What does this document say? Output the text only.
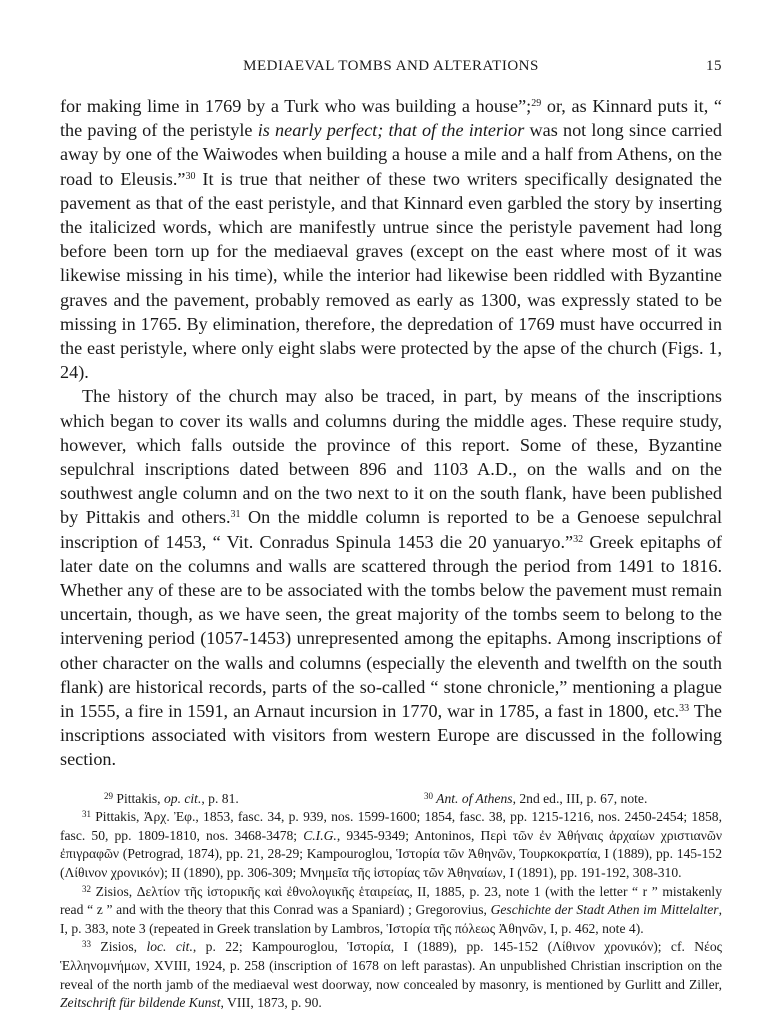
MEDIAEVAL TOMBS AND ALTERATIONS	15

for making lime in 1769 by a Turk who was building a house”;$^{29}$ or, as Kinnard puts it, “ the paving of the peristyle is nearly perfect; that of the interior was not long since carried away by one of the Waiwodes when building a house a mile and a half from Athens, on the road to Eleusis.”$^{30}$ It is true that neither of these two writers specifically designated the pavement as that of the east peristyle, and that Kinnard even garbled the story by inserting the italicized words, which are manifestly untrue since the peristyle pavement had long before been torn up for the mediaeval graves (except on the east where most of it was likewise missing in his time), while the interior had likewise been riddled with Byzantine graves and the pavement, probably removed as early as 1300, was expressly stated to be missing in 1765. By elimination, therefore, the depredation of 1769 must have occurred in the east peristyle, where only eight slabs were protected by the apse of the church (Figs. 1, 24).

The history of the church may also be traced, in part, by means of the inscriptions which began to cover its walls and columns during the middle ages. These require study, however, which falls outside the province of this report. Some of these, Byzantine sepulchral inscriptions dated between 896 and 1103 A.D., on the walls and on the southwest angle column and on the two next to it on the south flank, have been published by Pittakis and others.$^{31}$ On the middle column is reported to be a Genoese sepulchral inscription of 1453, “ Vit. Conradus Spinula 1453 die 20 yanuaryo.”$^{32}$ Greek epitaphs of later date on the columns and walls are scattered through the period from 1491 to 1816. Whether any of these are to be associated with the tombs below the pavement must remain uncertain, though, as we have seen, the great majority of the tombs seem to belong to the intervening period (1057-1453) unrepresented among the epitaphs. Among inscriptions of other character on the walls and columns (especially the eleventh and twelfth on the south flank) are historical records, parts of the so-called “ stone chronicle,” mentioning a plague in 1555, a fire in 1591, an Arnaut incursion in 1770, war in 1785, a fast in 1800, etc.$^{33}$ The inscriptions associated with visitors from western Europe are discussed in the following section.

$^{29}$ Pittakis, op. cit., p. 81.	$^{30}$ Ant. of Athens, 2nd ed., III, p. 67, note.

$^{31}$ Pittakis, Ἀρχ. Ἐφ., 1853, fasc. 34, p. 939, nos. 1599-1600; 1854, fasc. 38, pp. 1215-1216, nos. 2450-2454; 1858, fasc. 50, pp. 1809-1810, nos. 3468-3478; C.I.G., 9345-9349; Antoninos, Περὶ τῶν ἐν Ἀθήναις ἀρχαίων χριστιανῶν ἐπιγραφῶν (Petrograd, 1874), pp. 21, 28-29; Kampouroglou, Ἱστορία τῶν Ἀθηνῶν, Τουρκοκρατία, I (1889), pp. 145-152 (Λίθινον χρονικόν); II (1890), pp. 306-309; Μνημεῖα τῆς ἱστορίας τῶν Ἀθηναίων, I (1891), pp. 191-192, 308-310.

$^{32}$ Zisios, Δελτίον τῆς ἱστορικῆς καὶ ἐθνολογικῆς ἑταιρείας, II, 1885, p. 23, note 1 (with the letter “ r ” mistakenly read “ z ” and with the theory that this Conrad was a Spaniard) ; Gregorovius, Geschichte der Stadt Athen im Mittelalter, I, p. 383, note 3 (repeated in Greek translation by Lambros, Ἱστορία τῆς πόλεως Ἀθηνῶν, I, p. 462, note 4).

$^{33}$ Zisios, loc. cit., p. 22; Kampouroglou, Ἱστορία, I (1889), pp. 145-152 (Λίθινον χρονικόν); cf. Νέος Ἑλληνομνήμων, XVIII, 1924, p. 258 (inscription of 1678 on left parastas). An unpublished Christian inscription on the reveal of the north jamb of the mediaeval west doorway, now concealed by masonry, is mentioned by Gurlitt and Ziller, Zeitschrift für bildende Kunst, VIII, 1873, p. 90.
